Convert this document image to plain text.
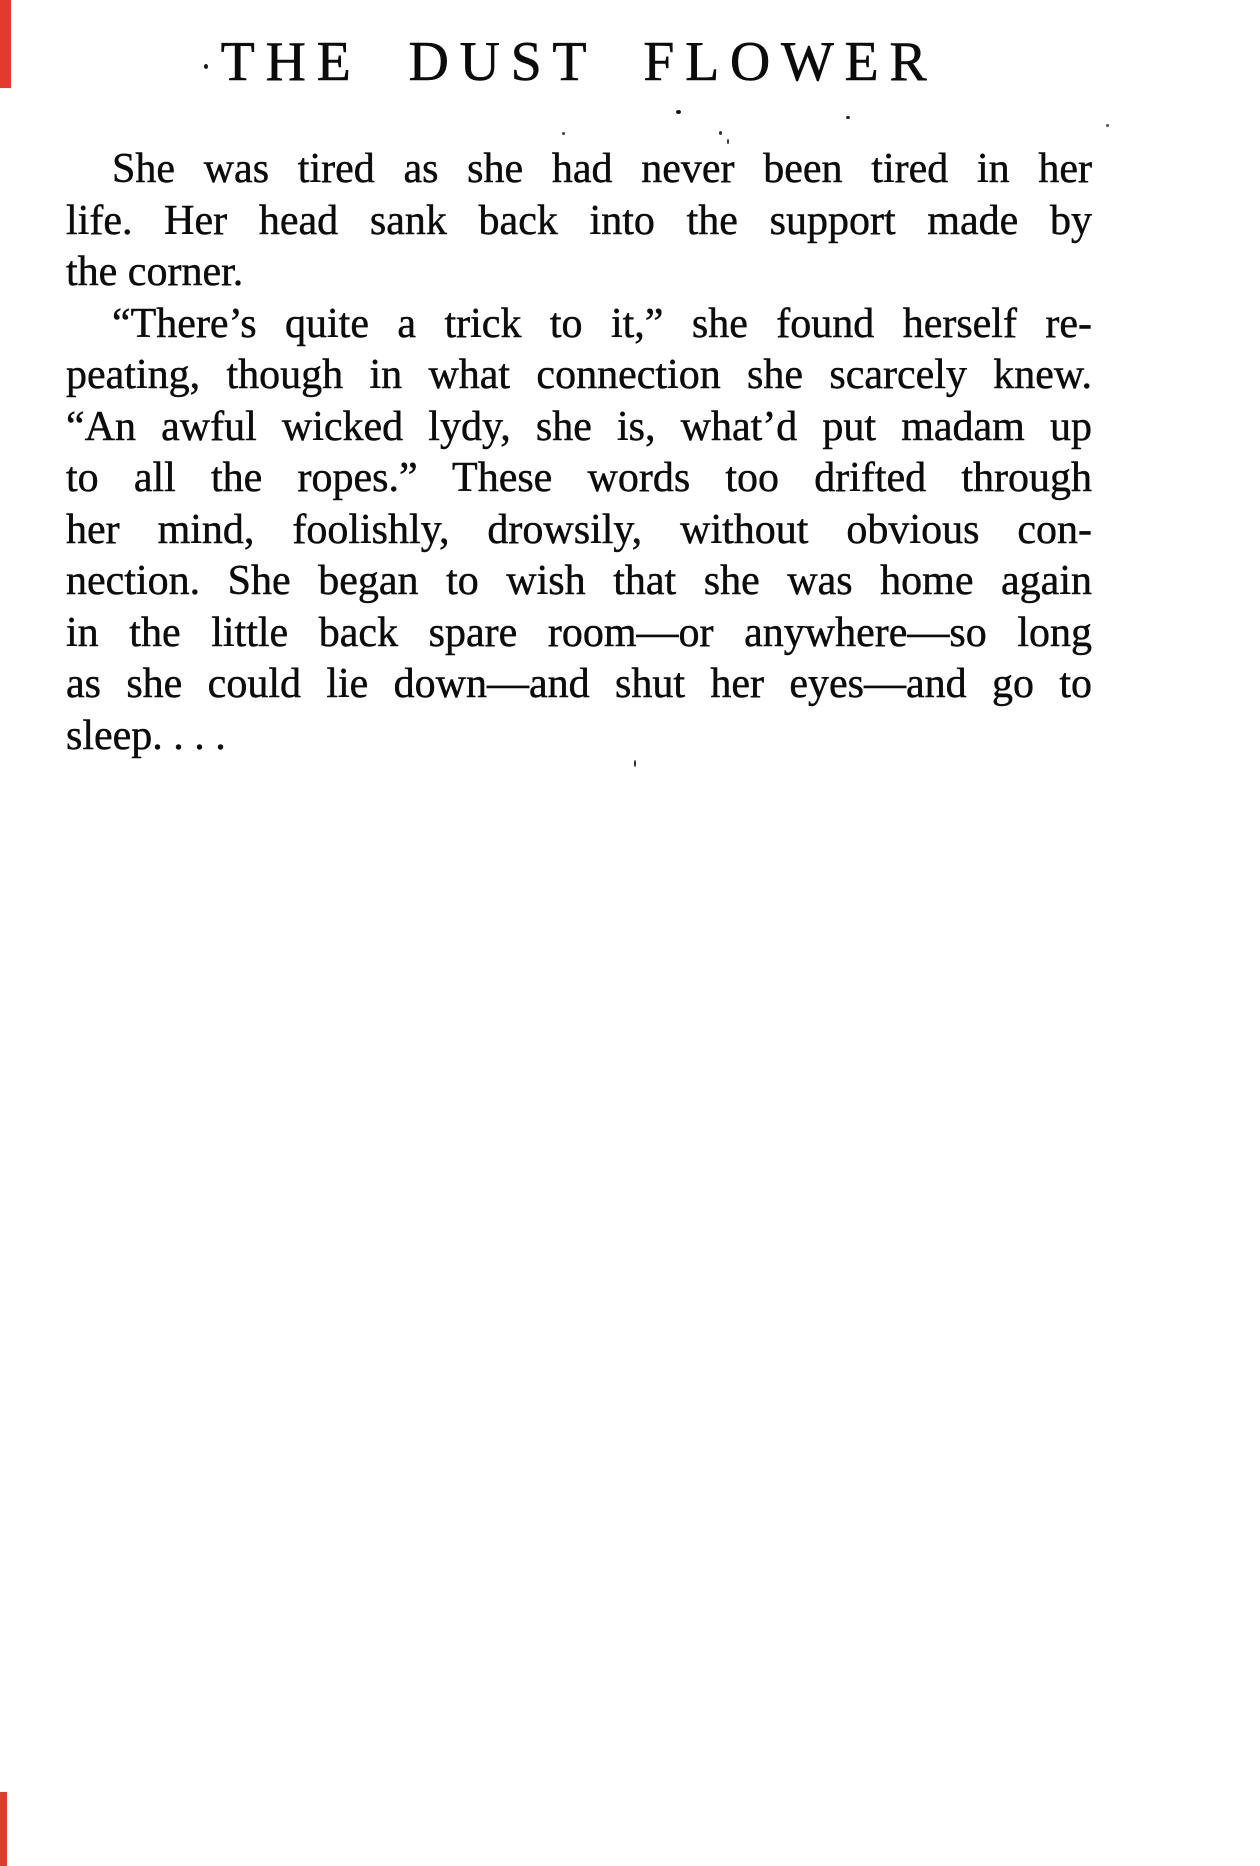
THE DUST FLOWER

She was tired as she had never been tired in her

life. Her head sank back into the support made by

the corner.

“There’s quite a trick to it,” she found herself re-

peating, though in what connection she scarcely knew.

“An awful wicked lydy, she is, what’d put madam up

to all the ropes.” These words too drifted through

her mind, foolishly, drowsily, without obvious con-

nection. She began to wish that she was home again

in the little back spare room—or anywhere—so long

as she could lie down—and shut her eyes—and go to

sleep. . . .
